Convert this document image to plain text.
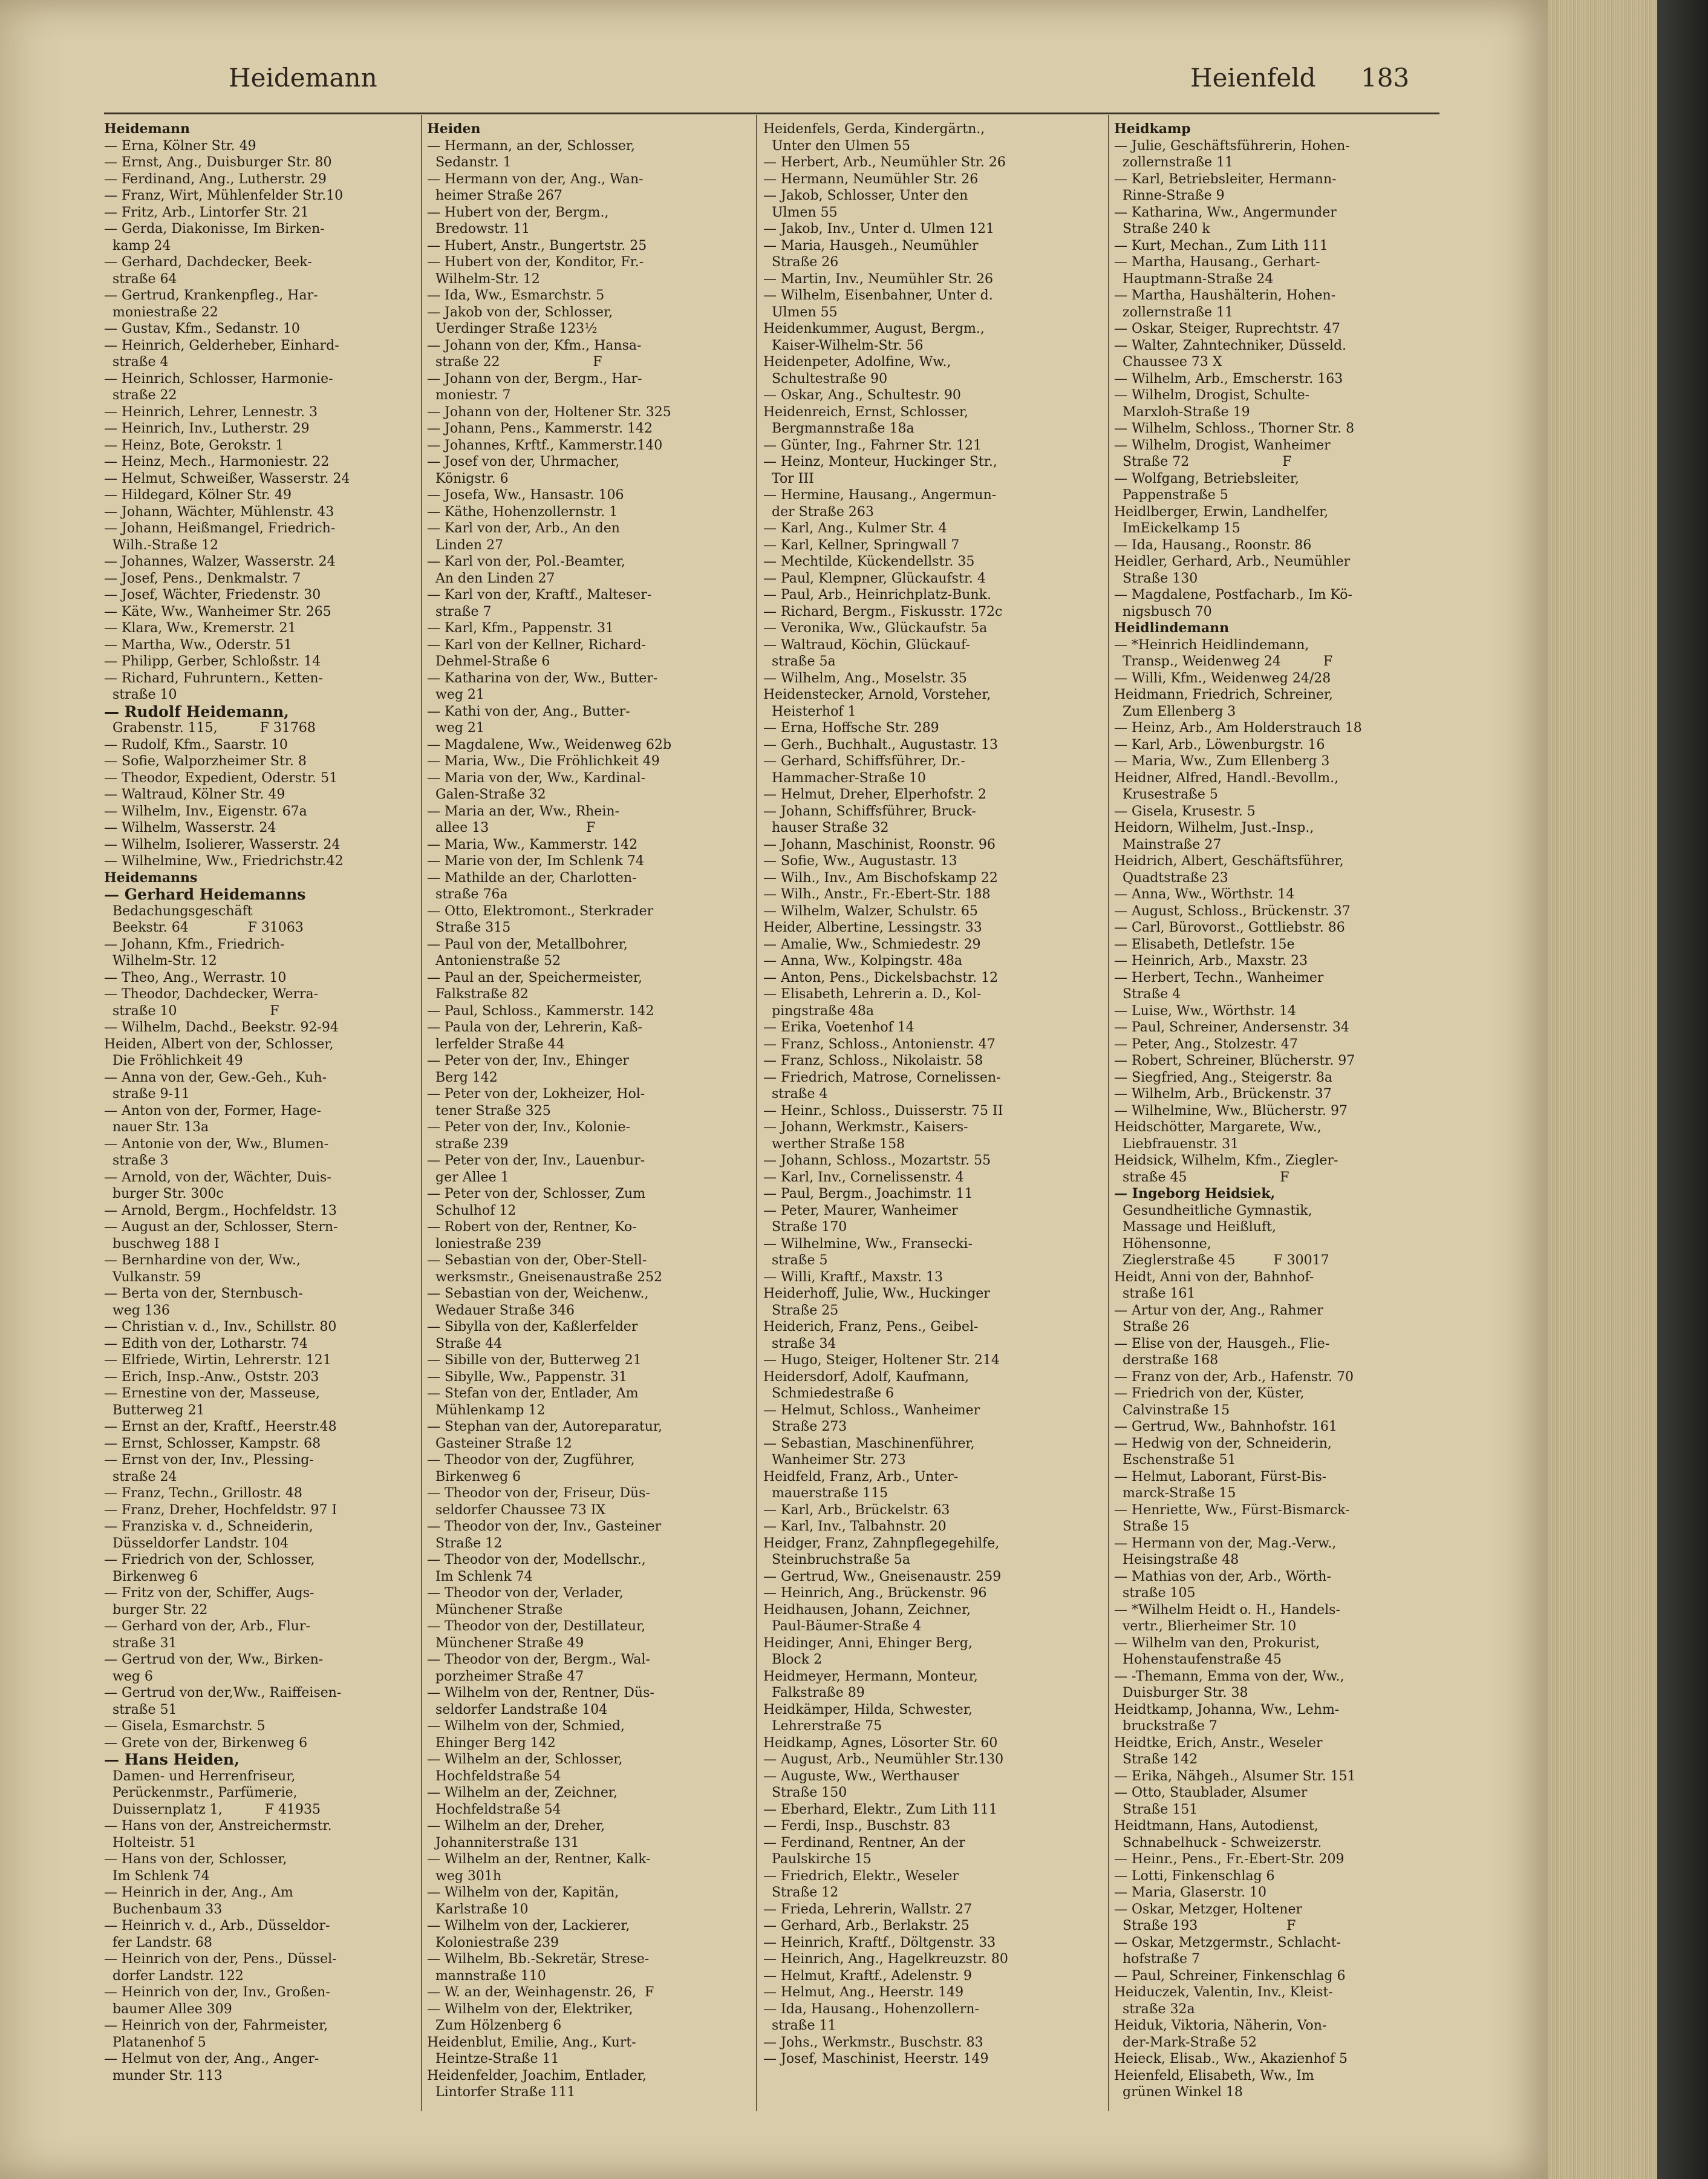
Heidemann	Heienfeld 183
Heidemann
— Erna, Kölner Str. 49
— Ernst, Ang., Duisburger Str. 80
— Ferdinand, Ang., Lutherstr. 29
— Franz, Wirt, Mühlenfelder Str.10
— Fritz, Arb., Lintorfer Str. 21
— Gerda, Diakonisse, Im Birken-
kamp 24
— Gerhard, Dachdecker, Beek-
straße 64
— Gertrud, Krankenpfleg., Har-
moniestraße 22
— Gustav, Kfm., Sedanstr. 10
— Heinrich, Gelderheber, Einhard-
straße 4
— Heinrich, Schlosser, Harmonie-
straße 22
— Heinrich, Lehrer, Lennestr. 3
— Heinrich, Inv., Lutherstr. 29
— Heinz, Bote, Gerokstr. 1
— Heinz, Mech., Harmoniestr. 22
— Helmut, Schweißer, Wasserstr. 24
— Hildegard, Kölner Str. 49
— Johann, Wächter, Mühlenstr. 43
— Johann, Heißmangel, Friedrich-
Wilh.-Straße 12
— Johannes, Walzer, Wasserstr. 24
— Josef, Pens., Denkmalstr. 7
— Josef, Wächter, Friedenstr. 30
— Käte, Ww., Wanheimer Str. 265
— Klara, Ww., Kremerstr. 21
— Martha, Ww., Oderstr. 51
— Philipp, Gerber, Schloßstr. 14
— Richard, Fuhruntern., Ketten-
straße 10
— Rudolf Heidemann,
Grabenstr. 115,          F 31768
— Rudolf, Kfm., Saarstr. 10
— Sofie, Walporzheimer Str. 8
— Theodor, Expedient, Oderstr. 51
— Waltraud, Kölner Str. 49
— Wilhelm, Inv., Eigenstr. 67a
— Wilhelm, Wasserstr. 24
— Wilhelm, Isolierer, Wasserstr. 24
— Wilhelmine, Ww., Friedrichstr.42
Heidemanns
— Gerhard Heidemanns
Bedachungsgeschäft
Beekstr. 64              F 31063
— Johann, Kfm., Friedrich-
Wilhelm-Str. 12
— Theo, Ang., Werrastr. 10
— Theodor, Dachdecker, Werra-
straße 10                      F
— Wilhelm, Dachd., Beekstr. 92-94
Heiden, Albert von der, Schlosser,
Die Fröhlichkeit 49
— Anna von der, Gew.-Geh., Kuh-
straße 9-11
— Anton von der, Former, Hage-
nauer Str. 13a
— Antonie von der, Ww., Blumen-
straße 3
— Arnold, von der, Wächter, Duis-
burger Str. 300c
— Arnold, Bergm., Hochfeldstr. 13
— August an der, Schlosser, Stern-
buschweg 188 I
— Bernhardine von der, Ww.,
Vulkanstr. 59
— Berta von der, Sternbusch-
weg 136
— Christian v. d., Inv., Schillstr. 80
— Edith von der, Lotharstr. 74
— Elfriede, Wirtin, Lehrerstr. 121
— Erich, Insp.-Anw., Oststr. 203
— Ernestine von der, Masseuse,
Butterweg 21
— Ernst an der, Kraftf., Heerstr.48
— Ernst, Schlosser, Kampstr. 68
— Ernst von der, Inv., Plessing-
straße 24
— Franz, Techn., Grillostr. 48
— Franz, Dreher, Hochfeldstr. 97 I
— Franziska v. d., Schneiderin,
Düsseldorfer Landstr. 104
— Friedrich von der, Schlosser,
Birkenweg 6
— Fritz von der, Schiffer, Augs-
burger Str. 22
— Gerhard von der, Arb., Flur-
straße 31
— Gertrud von der, Ww., Birken-
weg 6
— Gertrud von der,Ww., Raiffeisen-
straße 51
— Gisela, Esmarchstr. 5
— Grete von der, Birkenweg 6
— Hans Heiden,
Damen- und Herrenfriseur,
Perückenmstr., Parfümerie,
Duissernplatz 1,          F 41935
— Hans von der, Anstreichermstr.
Holteistr. 51
— Hans von der, Schlosser,
Im Schlenk 74
— Heinrich in der, Ang., Am
Buchenbaum 33
— Heinrich v. d., Arb., Düsseldor-
fer Landstr. 68
— Heinrich von der, Pens., Düssel-
dorfer Landstr. 122
— Heinrich von der, Inv., Großen-
baumer Allee 309
— Heinrich von der, Fahrmeister,
Platanenhof 5
— Helmut von der, Ang., Anger-
munder Str. 113
Heiden
— Hermann, an der, Schlosser,
Sedanstr. 1
— Hermann von der, Ang., Wan-
heimer Straße 267
— Hubert von der, Bergm.,
Bredowstr. 11
— Hubert, Anstr., Bungertstr. 25
— Hubert von der, Konditor, Fr.-
Wilhelm-Str. 12
— Ida, Ww., Esmarchstr. 5
— Jakob von der, Schlosser,
Uerdinger Straße 123½
— Johann von der, Kfm., Hansa-
straße 22                      F
— Johann von der, Bergm., Har-
moniestr. 7
— Johann von der, Holtener Str. 325
— Johann, Pens., Kammerstr. 142
— Johannes, Krftf., Kammerstr.140
— Josef von der, Uhrmacher,
Königstr. 6
— Josefa, Ww., Hansastr. 106
— Käthe, Hohenzollernstr. 1
— Karl von der, Arb., An den
Linden 27
— Karl von der, Pol.-Beamter,
An den Linden 27
— Karl von der, Kraftf., Malteser-
straße 7
— Karl, Kfm., Pappenstr. 31
— Karl von der Kellner, Richard-
Dehmel-Straße 6
— Katharina von der, Ww., Butter-
weg 21
— Kathi von der, Ang., Butter-
weg 21
— Magdalene, Ww., Weidenweg 62b
— Maria, Ww., Die Fröhlichkeit 49
— Maria von der, Ww., Kardinal-
Galen-Straße 32
— Maria an der, Ww., Rhein-
allee 13                       F
— Maria, Ww., Kammerstr. 142
— Marie von der, Im Schlenk 74
— Mathilde an der, Charlotten-
straße 76a
— Otto, Elektromont., Sterkrader
Straße 315
— Paul von der, Metallbohrer,
Antonienstraße 52
— Paul an der, Speichermeister,
Falkstraße 82
— Paul, Schloss., Kammerstr. 142
— Paula von der, Lehrerin, Kaß-
lerfelder Straße 44
— Peter von der, Inv., Ehinger
Berg 142
— Peter von der, Lokheizer, Hol-
tener Straße 325
— Peter von der, Inv., Kolonie-
straße 239
— Peter von der, Inv., Lauenbur-
ger Allee 1
— Peter von der, Schlosser, Zum
Schulhof 12
— Robert von der, Rentner, Ko-
loniestraße 239
— Sebastian von der, Ober-Stell-
werksmstr., Gneisenaustraße 252
— Sebastian von der, Weichenw.,
Wedauer Straße 346
— Sibylla von der, Kaßlerfelder
Straße 44
— Sibille von der, Butterweg 21
— Sibylle, Ww., Pappenstr. 31
— Stefan von der, Entlader, Am
Mühlenkamp 12
— Stephan van der, Autoreparatur,
Gasteiner Straße 12
— Theodor von der, Zugführer,
Birkenweg 6
— Theodor von der, Friseur, Düs-
seldorfer Chaussee 73 IX
— Theodor von der, Inv., Gasteiner
Straße 12
— Theodor von der, Modellschr.,
Im Schlenk 74
— Theodor von der, Verlader,
Münchener Straße
— Theodor von der, Destillateur,
Münchener Straße 49
— Theodor von der, Bergm., Wal-
porzheimer Straße 47
— Wilhelm von der, Rentner, Düs-
seldorfer Landstraße 104
— Wilhelm von der, Schmied,
Ehinger Berg 142
— Wilhelm an der, Schlosser,
Hochfeldstraße 54
— Wilhelm an der, Zeichner,
Hochfeldstraße 54
— Wilhelm an der, Dreher,
Johanniterstraße 131
— Wilhelm an der, Rentner, Kalk-
weg 301h
— Wilhelm von der, Kapitän,
Karlstraße 10
— Wilhelm von der, Lackierer,
Koloniestraße 239
— Wilhelm, Bb.-Sekretär, Strese-
mannstraße 110
— W. an der, Weinhagenstr. 26,  F
— Wilhelm von der, Elektriker,
Zum Hölzenberg 6
Heidenblut, Emilie, Ang., Kurt-
Heintze-Straße 11
Heidenfelder, Joachim, Entlader,
Lintorfer Straße 111
Heidenfels, Gerda, Kindergärtn.,
Unter den Ulmen 55
— Herbert, Arb., Neumühler Str. 26
— Hermann, Neumühler Str. 26
— Jakob, Schlosser, Unter den
Ulmen 55
— Jakob, Inv., Unter d. Ulmen 121
— Maria, Hausgeh., Neumühler
Straße 26
— Martin, Inv., Neumühler Str. 26
— Wilhelm, Eisenbahner, Unter d.
Ulmen 55
Heidenkummer, August, Bergm.,
Kaiser-Wilhelm-Str. 56
Heidenpeter, Adolfine, Ww.,
Schultestraße 90
— Oskar, Ang., Schultestr. 90
Heidenreich, Ernst, Schlosser,
Bergmannstraße 18a
— Günter, Ing., Fahrner Str. 121
— Heinz, Monteur, Huckinger Str.,
Tor III
— Hermine, Hausang., Angermun-
der Straße 263
— Karl, Ang., Kulmer Str. 4
— Karl, Kellner, Springwall 7
— Mechtilde, Kückendellstr. 35
— Paul, Klempner, Glückaufstr. 4
— Paul, Arb., Heinrichplatz-Bunk.
— Richard, Bergm., Fiskusstr. 172c
— Veronika, Ww., Glückaufstr. 5a
— Waltraud, Köchin, Glückauf-
straße 5a
— Wilhelm, Ang., Moselstr. 35
Heidenstecker, Arnold, Vorsteher,
Heisterhof 1
— Erna, Hoffsche Str. 289
— Gerh., Buchhalt., Augustastr. 13
— Gerhard, Schiffsführer, Dr.-
Hammacher-Straße 10
— Helmut, Dreher, Elperhofstr. 2
— Johann, Schiffsführer, Bruck-
hauser Straße 32
— Johann, Maschinist, Roonstr. 96
— Sofie, Ww., Augustastr. 13
— Wilh., Inv., Am Bischofskamp 22
— Wilh., Anstr., Fr.-Ebert-Str. 188
— Wilhelm, Walzer, Schulstr. 65
Heider, Albertine, Lessingstr. 33
— Amalie, Ww., Schmiedestr. 29
— Anna, Ww., Kolpingstr. 48a
— Anton, Pens., Dickelsbachstr. 12
— Elisabeth, Lehrerin a. D., Kol-
pingstraße 48a
— Erika, Voetenhof 14
— Franz, Schloss., Antonienstr. 47
— Franz, Schloss., Nikolaistr. 58
— Friedrich, Matrose, Cornelissen-
straße 4
— Heinr., Schloss., Duisserstr. 75 II
— Johann, Werkmstr., Kaisers-
werther Straße 158
— Johann, Schloss., Mozartstr. 55
— Karl, Inv., Cornelissenstr. 4
— Paul, Bergm., Joachimstr. 11
— Peter, Maurer, Wanheimer
Straße 170
— Wilhelmine, Ww., Fransecki-
straße 5
— Willi, Kraftf., Maxstr. 13
Heiderhoff, Julie, Ww., Huckinger
Straße 25
Heiderich, Franz, Pens., Geibel-
straße 34
— Hugo, Steiger, Holtener Str. 214
Heidersdorf, Adolf, Kaufmann,
Schmiedestraße 6
— Helmut, Schloss., Wanheimer
Straße 273
— Sebastian, Maschinenführer,
Wanheimer Str. 273
Heidfeld, Franz, Arb., Unter-
mauerstraße 115
— Karl, Arb., Brückelstr. 63
— Karl, Inv., Talbahnstr. 20
Heidger, Franz, Zahnpflegegehilfe,
Steinbruchstraße 5a
— Gertrud, Ww., Gneisenaustr. 259
— Heinrich, Ang., Brückenstr. 96
Heidhausen, Johann, Zeichner,
Paul-Bäumer-Straße 4
Heidinger, Anni, Ehinger Berg,
Block 2
Heidmeyer, Hermann, Monteur,
Falkstraße 89
Heidkämper, Hilda, Schwester,
Lehrerstraße 75
Heidkamp, Agnes, Lösorter Str. 60
— August, Arb., Neumühler Str.130
— Auguste, Ww., Werthauser
Straße 150
— Eberhard, Elektr., Zum Lith 111
— Ferdi, Insp., Buschstr. 83
— Ferdinand, Rentner, An der
Paulskirche 15
— Friedrich, Elektr., Weseler
Straße 12
— Frieda, Lehrerin, Wallstr. 27
— Gerhard, Arb., Berlakstr. 25
— Heinrich, Kraftf., Döltgenstr. 33
— Heinrich, Ang., Hagelkreuzstr. 80
— Helmut, Kraftf., Adelenstr. 9
— Helmut, Ang., Heerstr. 149
— Ida, Hausang., Hohenzollern-
straße 11
— Johs., Werkmstr., Buschstr. 83
— Josef, Maschinist, Heerstr. 149
Heidkamp
— Julie, Geschäftsführerin, Hohen-
zollernstraße 11
— Karl, Betriebsleiter, Hermann-
Rinne-Straße 9
— Katharina, Ww., Angermunder
Straße 240 k
— Kurt, Mechan., Zum Lith 111
— Martha, Hausang., Gerhart-
Hauptmann-Straße 24
— Martha, Haushälterin, Hohen-
zollernstraße 11
— Oskar, Steiger, Ruprechtstr. 47
— Walter, Zahntechniker, Düsseld.
Chaussee 73 X
— Wilhelm, Arb., Emscherstr. 163
— Wilhelm, Drogist, Schulte-
Marxloh-Straße 19
— Wilhelm, Schloss., Thorner Str. 8
— Wilhelm, Drogist, Wanheimer
Straße 72                      F
— Wolfgang, Betriebsleiter,
Pappenstraße 5
Heidlberger, Erwin, Landhelfer,
ImEickelkamp 15
— Ida, Hausang., Roonstr. 86
Heidler, Gerhard, Arb., Neumühler
Straße 130
— Magdalene, Postfacharb., Im Kö-
nigsbusch 70
Heidlindemann
— *Heinrich Heidlindemann,
Transp., Weidenweg 24          F
— Willi, Kfm., Weidenweg 24/28
Heidmann, Friedrich, Schreiner,
Zum Ellenberg 3
— Heinz, Arb., Am Holderstrauch 18
— Karl, Arb., Löwenburgstr. 16
— Maria, Ww., Zum Ellenberg 3
Heidner, Alfred, Handl.-Bevollm.,
Krusestraße 5
— Gisela, Krusestr. 5
Heidorn, Wilhelm, Just.-Insp.,
Mainstraße 27
Heidrich, Albert, Geschäftsführer,
Quadtstraße 23
— Anna, Ww., Wörthstr. 14
— August, Schloss., Brückenstr. 37
— Carl, Bürovorst., Gottliebstr. 86
— Elisabeth, Detlefstr. 15e
— Heinrich, Arb., Maxstr. 23
— Herbert, Techn., Wanheimer
Straße 4
— Luise, Ww., Wörthstr. 14
— Paul, Schreiner, Andersenstr. 34
— Peter, Ang., Stolzestr. 47
— Robert, Schreiner, Blücherstr. 97
— Siegfried, Ang., Steigerstr. 8a
— Wilhelm, Arb., Brückenstr. 37
— Wilhelmine, Ww., Blücherstr. 97
Heidschötter, Margarete, Ww.,
Liebfrauenstr. 31
Heidsick, Wilhelm, Kfm., Ziegler-
straße 45                      F
— Ingeborg Heidsiek,
Gesundheitliche Gymnastik,
Massage und Heißluft,
Höhensonne,
Zieglerstraße 45         F 30017
Heidt, Anni von der, Bahnhof-
straße 161
— Artur von der, Ang., Rahmer
Straße 26
— Elise von der, Hausgeh., Flie-
derstraße 168
— Franz von der, Arb., Hafenstr. 70
— Friedrich von der, Küster,
Calvinstraße 15
— Gertrud, Ww., Bahnhofstr. 161
— Hedwig von der, Schneiderin,
Eschenstraße 51
— Helmut, Laborant, Fürst-Bis-
marck-Straße 15
— Henriette, Ww., Fürst-Bismarck-
Straße 15
— Hermann von der, Mag.-Verw.,
Heisingstraße 48
— Mathias von der, Arb., Wörth-
straße 105
— *Wilhelm Heidt o. H., Handels-
vertr., Blierheimer Str. 10
— Wilhelm van den, Prokurist,
Hohenstaufenstraße 45
— -Themann, Emma von der, Ww.,
Duisburger Str. 38
Heidtkamp, Johanna, Ww., Lehm-
bruckstraße 7
Heidtke, Erich, Anstr., Weseler
Straße 142
— Erika, Nähgeh., Alsumer Str. 151
— Otto, Staublader, Alsumer
Straße 151
Heidtmann, Hans, Autodienst,
Schnabelhuck - Schweizerstr.
— Heinr., Pens., Fr.-Ebert-Str. 209
— Lotti, Finkenschlag 6
— Maria, Glaserstr. 10
— Oskar, Metzger, Holtener
Straße 193                     F
— Oskar, Metzgermstr., Schlacht-
hofstraße 7
— Paul, Schreiner, Finkenschlag 6
Heiduczek, Valentin, Inv., Kleist-
straße 32a
Heiduk, Viktoria, Näherin, Von-
der-Mark-Straße 52
Heieck, Elisab., Ww., Akazienhof 5
Heienfeld, Elisabeth, Ww., Im
grünen Winkel 18
